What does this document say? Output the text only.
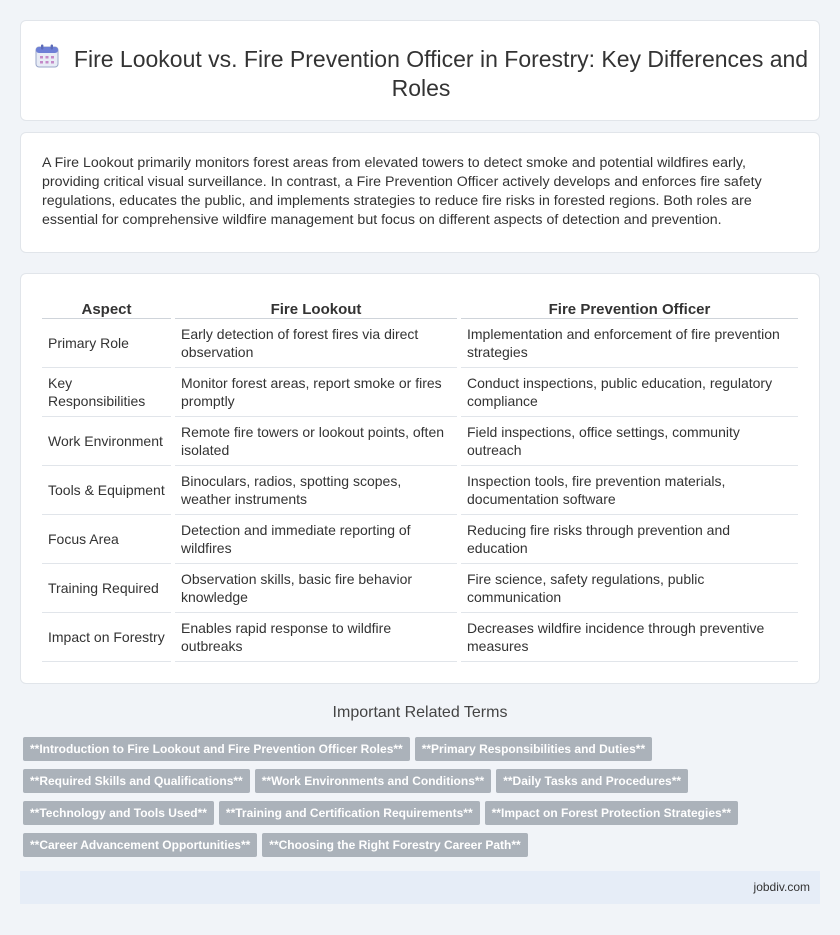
Fire Lookout vs. Fire Prevention Officer in Forestry: Key Differences and Roles

A Fire Lookout primarily monitors forest areas from elevated towers to detect smoke and potential wildfires early, providing critical visual surveillance. In contrast, a Fire Prevention Officer actively develops and enforces fire safety regulations, educates the public, and implements strategies to reduce fire risks in forested regions. Both roles are essential for comprehensive wildfire management but focus on different aspects of detection and prevention.

Aspect		Fire Lookout		Fire Prevention Officer
Primary Role		Early detection of forest fires via direct observation		Implementation and enforcement of fire prevention strategies
Key Responsibilities		Monitor forest areas, report smoke or fires promptly		Conduct inspections, public education, regulatory compliance
Work Environment		Remote fire towers or lookout points, often isolated		Field inspections, office settings, community outreach
Tools & Equipment		Binoculars, radios, spotting scopes, weather instruments		Inspection tools, fire prevention materials, documentation software
Focus Area		Detection and immediate reporting of wildfires		Reducing fire risks through prevention and education
Training Required		Observation skills, basic fire behavior knowledge		Fire science, safety regulations, public communication
Impact on Forestry		Enables rapid response to wildfire outbreaks		Decreases wildfire incidence through preventive measures
Important Related Terms
**Introduction to Fire Lookout and Fire Prevention Officer Roles** **Primary Responsibilities and Duties**
**Required Skills and Qualifications** **Work Environments and Conditions** **Daily Tasks and Procedures**
**Technology and Tools Used** **Training and Certification Requirements** **Impact on Forest Protection Strategies**
**Career Advancement Opportunities** **Choosing the Right Forestry Career Path**
jobdiv.com
